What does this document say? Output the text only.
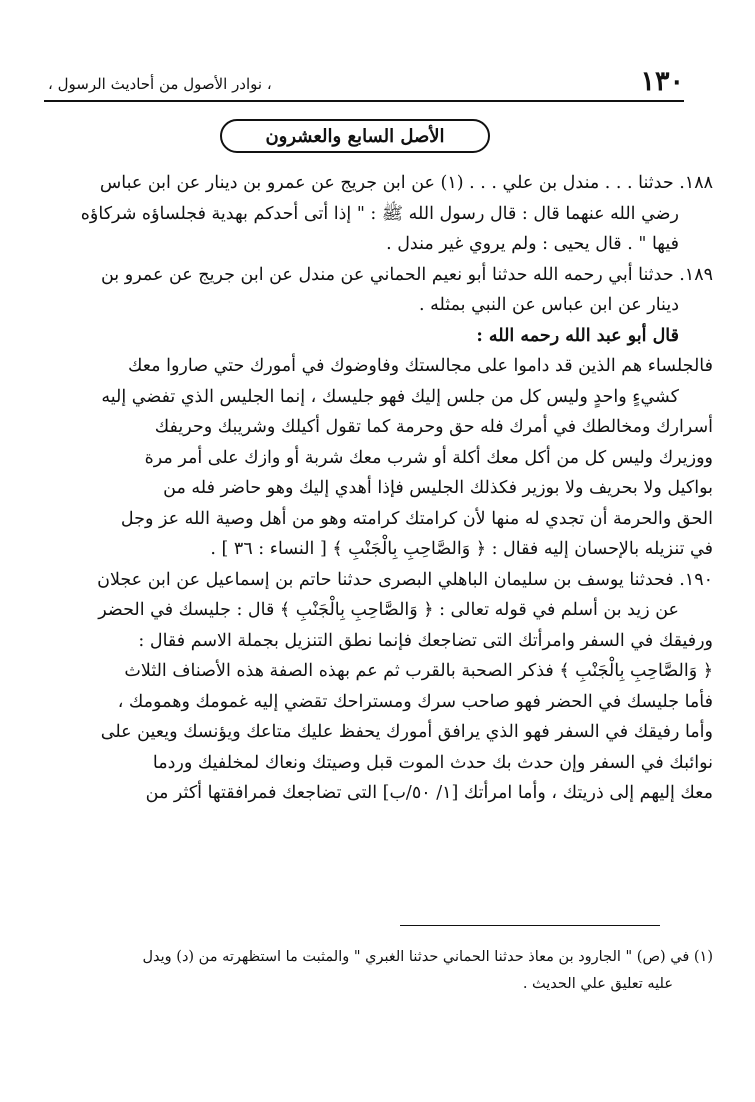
١٣٠
، نوادر الأصول من أحاديث الرسول ،
الأصل السابع والعشرون
١٨٨. حدثنا . . . مندل بن علي . . . (١) عن ابن جريج عن عمرو بن دينار عن ابن عباس
رضي الله عنهما قال : قال رسول الله ﷺ : " إذا أتى أحدكم بهدية فجلساؤه شركاؤه
فيها " . قال يحيى : ولم يروي غير مندل .
١٨٩. حدثنا أبي رحمه الله حدثنا أبو نعيم الحماني عن مندل عن ابن جريج عن عمرو بن
دينار عن ابن عباس عن النبي بمثله .
قال أبو عبد الله رحمه الله :
فالجلساء هم الذين قد داموا على مجالستك وفاوضوك في أمورك حتي صاروا معك
كشيءٍ واحدٍ وليس كل من جلس إليك فهو جليسك ، إنما الجليس الذي تفضي إليه
أسرارك ومخالطك في أمرك فله حق وحرمة كما تقول أكيلك وشريبك وحريفك
ووزيرك وليس كل من أكل معك أكلة أو شرب معك شربة أو وازك على أمر مرة
بواكيل ولا بحريف ولا بوزير فكذلك الجليس فإذا أهدي إليك وهو حاضر فله من
الحق والحرمة أن تجدي له منها لأن كرامتك كرامته وهو من أهل وصية الله عز وجل
في تنزيله بالإحسان إليه فقال : ﴿ وَالصَّاحِبِ بِالْجَنْبِ ﴾ [ النساء : ٣٦ ] .
١٩٠. فحدثنا يوسف بن سليمان الباهلي البصرى حدثنا حاتم بن إسماعيل عن ابن عجلان
عن زيد بن أسلم في قوله تعالى : ﴿ وَالصَّاحِبِ بِالْجَنْبِ ﴾ قال : جليسك في الحضر
ورفيقك في السفر وامرأتك التى تضاجعك فإنما نطق التنزيل بجملة الاسم فقال :
﴿ وَالصَّاحِبِ بِالْجَنْبِ ﴾ فذكر الصحبة بالقرب ثم عم بهذه الصفة هذه الأصناف الثلاث
فأما جليسك في الحضر فهو صاحب سرك ومستراحك تقضي إليه غمومك وهمومك ،
وأما رفيقك في السفر فهو الذي يرافق أمورك يحفظ عليك متاعك ويؤنسك ويعين على
نوائبك في السفر وإن حدث بك حدث الموت قبل وصيتك ونعاك لمخلفيك وردما
معك إليهم إلى ذريتك ، وأما امرأتك [١/ ٥٠/ب] التى تضاجعك فمرافقتها أكثر من
(١) في (ص) " الجارود بن معاذ حدثنا الحماني حدثنا الغبري " والمثبت ما استظهرته من (د) ويدل
عليه تعليق علي الحديث .
